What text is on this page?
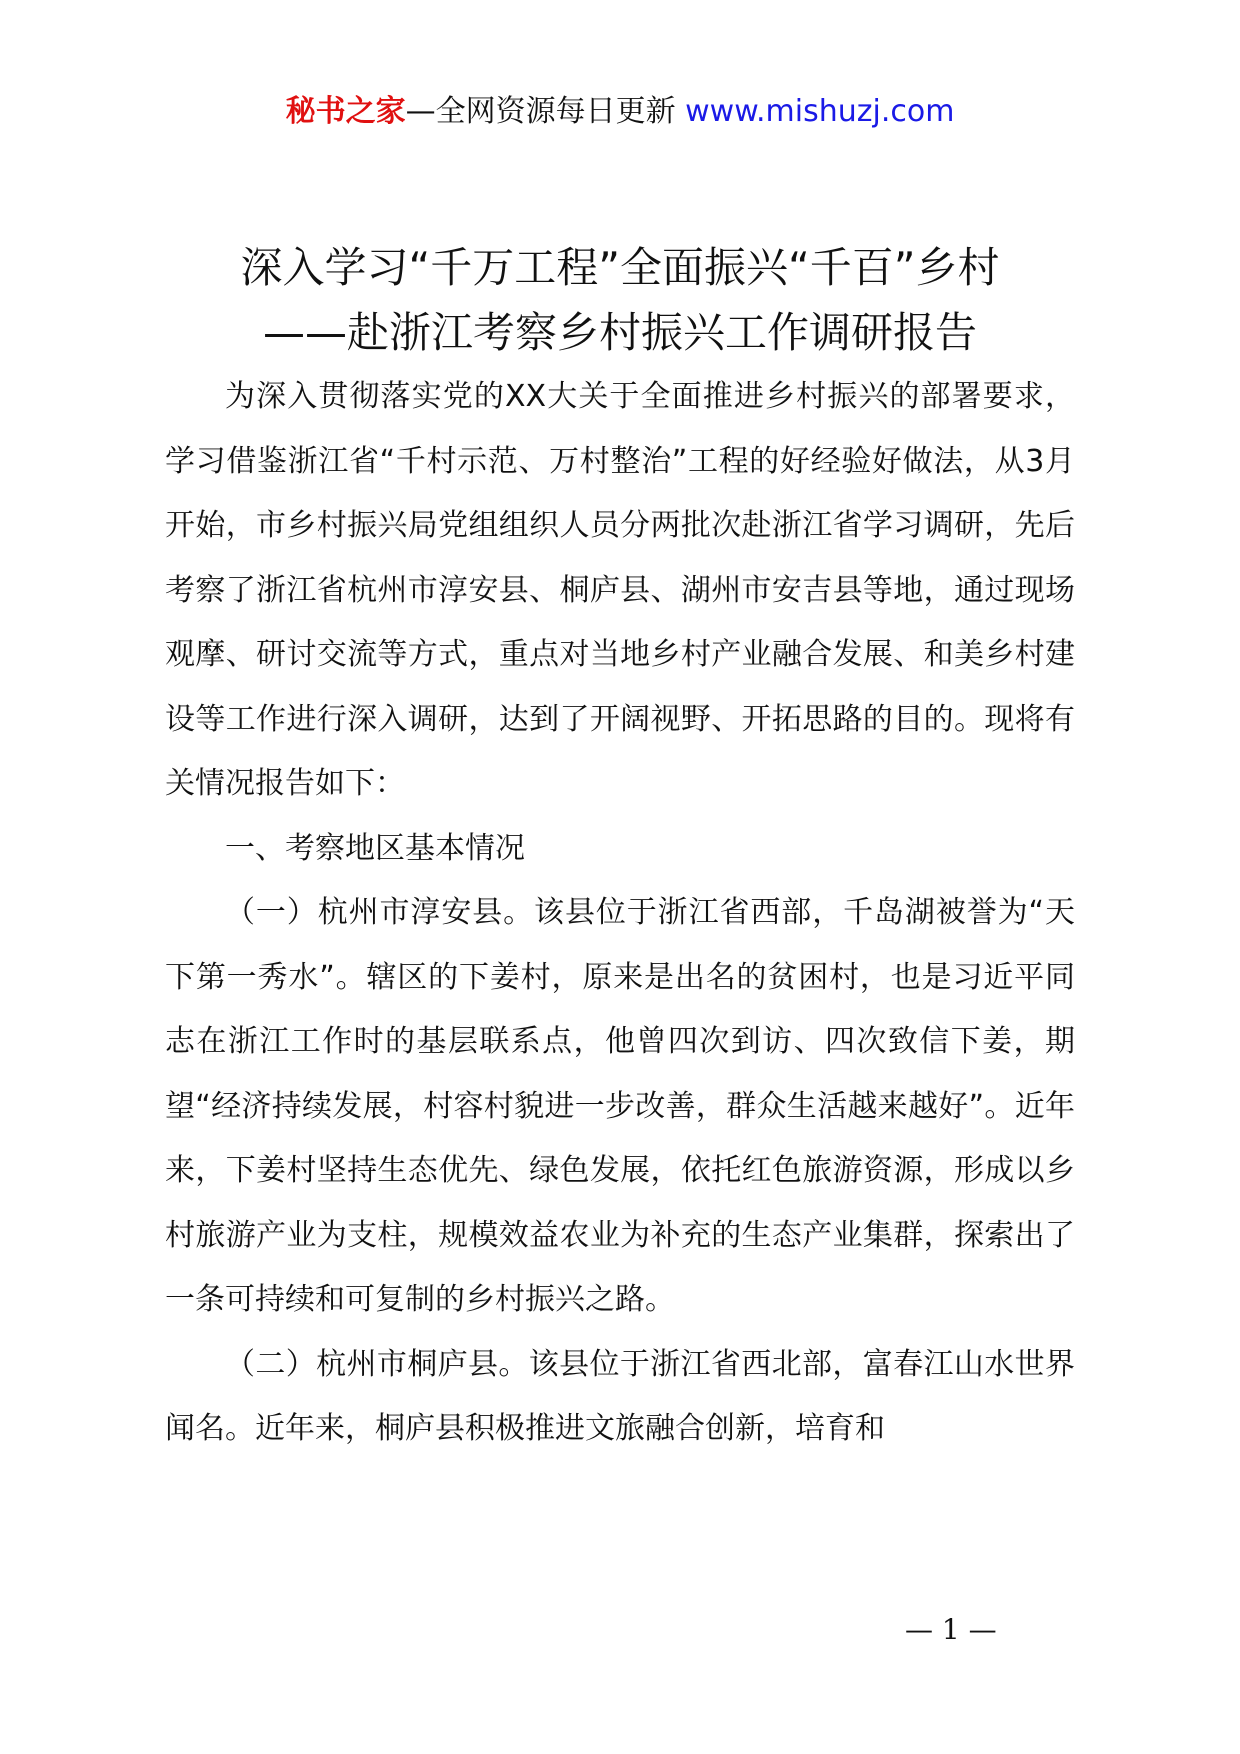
秘书之家—全网资源每日更新 www.mishuzj.com
深入学习“千万工程”全面振兴“千百”乡村
——赴浙江考察乡村振兴工作调研报告

为深入贯彻落实党的XX大关于全面推进乡村振兴的部署要求，学习借鉴浙江省“千村示范、万村整治”工程的好经验好做法，从3月开始，市乡村振兴局党组组织人员分两批次赴浙江省学习调研，先后考察了浙江省杭州市淳安县、桐庐县、湖州市安吉县等地，通过现场观摩、研讨交流等方式，重点对当地乡村产业融合发展、和美乡村建设等工作进行深入调研，达到了开阔视野、开拓思路的目的。现将有关情况报告如下：

一、考察地区基本情况

（一）杭州市淳安县。该县位于浙江省西部，千岛湖被誉为“天下第一秀水”。辖区的下姜村，原来是出名的贫困村，也是习近平同志在浙江工作时的基层联系点，他曾四次到访、四次致信下姜，期望“经济持续发展，村容村貌进一步改善，群众生活越来越好”。近年来，下姜村坚持生态优先、绿色发展，依托红色旅游资源，形成以乡村旅游产业为支柱，规模效益农业为补充的生态产业集群，探索出了一条可持续和可复制的乡村振兴之路。

（二）杭州市桐庐县。该县位于浙江省西北部，富春江山水世界闻名。近年来，桐庐县积极推进文旅融合创新，培育和

— 1 —
